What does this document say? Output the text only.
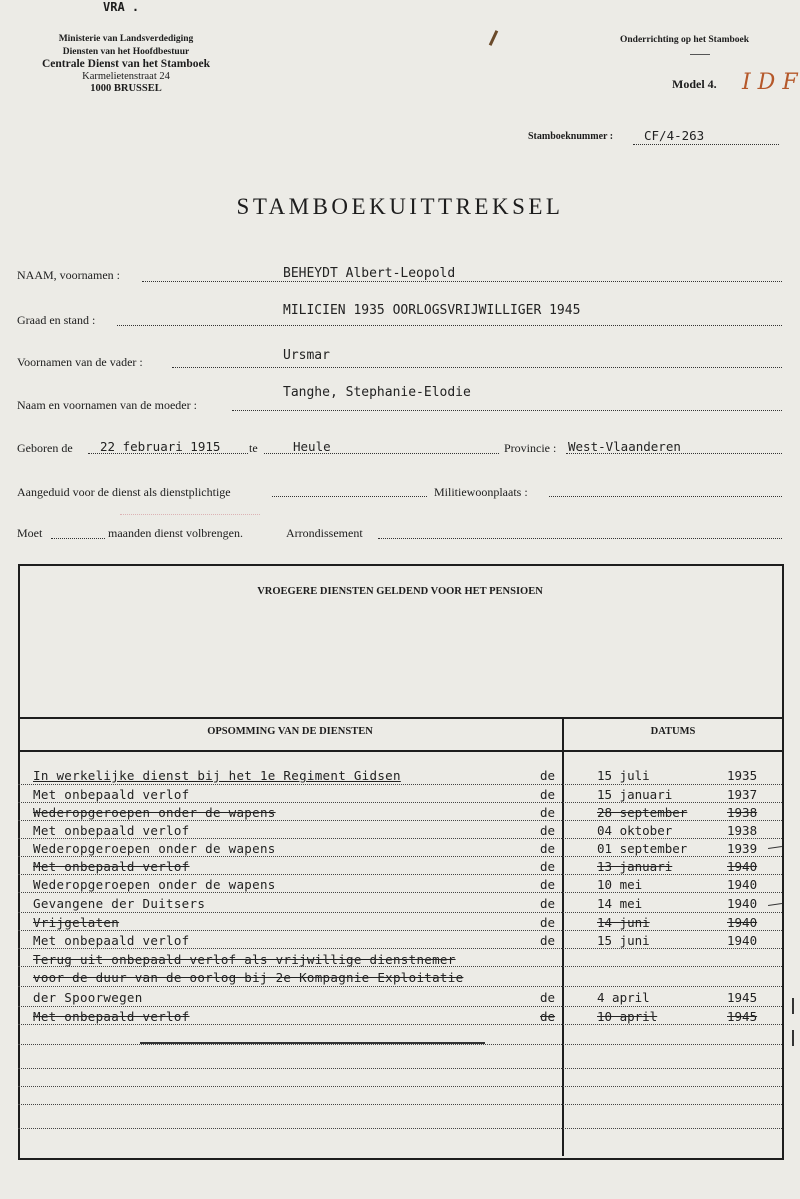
VRA .
Ministerie van Landsverdediging
Diensten van het Hoofdbestuur
Centrale Dienst van het Stamboek
Karmelietenstraat 24
1000 BRUSSEL
Onderrichting op het Stamboek
Model 4. I D F
Stamboeknummer : CF/4-263
STAMBOEKUITTREKSEL
NAAM, voornamen :	BEHEYDT Albert-Leopold
Graad en stand :
MILICIEN 1935 OORLOGSVRIJWILLIGER 1945
Voornamen van de vader :	Ursmar
Naam en voornamen van de moeder :
Tanghe, Stephanie-Elodie
Geboren de 22 februari 1915 te	Heule	Provincie : West-Vlaanderen
Aangeduid voor de dienst als dienstplichtige	Militiewoonplaats :
Moet	maanden dienst volbrengen.	Arrondissement
VROEGERE DIENSTEN GELDEND VOOR HET PENSIOEN
OPSOMMING VAN DE DIENSTEN	DATUMS
In werkelijke dienst bij het 1e Regiment Gidsen	de	15 juli	1935
Met onbepaald verlof	de	15 januari	1937
Wederopgeroepen onder de wapens	de	28 september	1938
Met onbepaald verlof	de	04 oktober	1938
Wederopgeroepen onder de wapens	de	01 september	1939
Met onbepaald verlof	de	13 januari	1940
Wederopgeroepen onder de wapens	de	10 mei	1940
Gevangene der Duitsers	de	14 mei	1940
Vrijgelaten	de	14 juni	1940
Met onbepaald verlof	de	15 juni	1940
Terug uit onbepaald verlof als vrijwillige dienstnemer
voor de duur van de oorlog bij 2e Kompagnie Exploitatie
der Spoorwegen	de	4 april	1945
Met onbepaald verlof	de	10 april	1945
